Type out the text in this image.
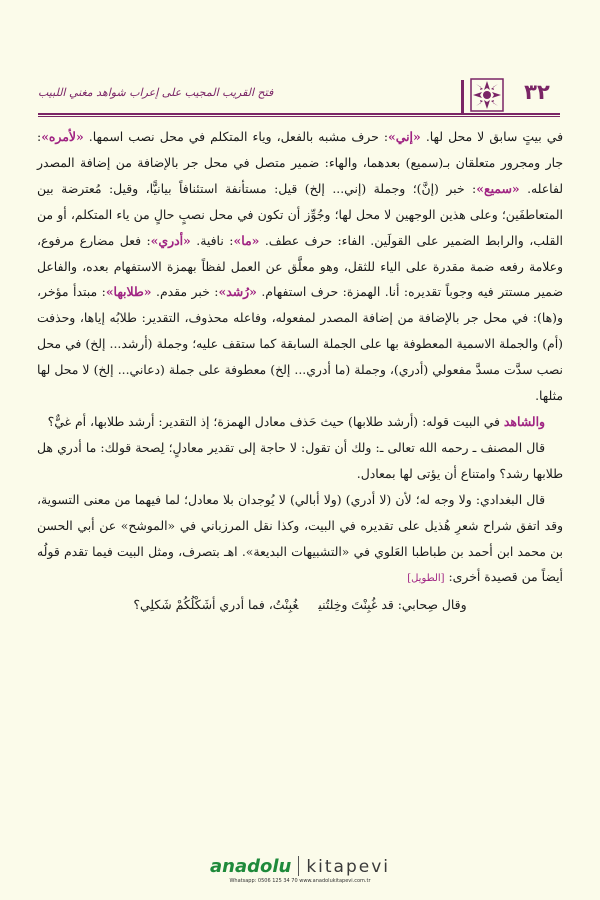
٣٢
فتح القريب المجيب على إعراب شواهد مغني اللبيب

في بيتٍ سابق لا محل لها. «إني»: حرف مشبه بالفعل، وياء المتكلم في محل نصب اسمها. «لأمره»: جار ومجرور متعلقان بـ(سميع) بعدهما، والهاء: ضمير متصل في محل جر بالإضافة من إضافة المصدر لفاعله. «سميع»: خبر (إنَّ)؛ وجملة (إني... إلخ) قيل: مستأنفة استئنافاً بيانيًّا، وقيل: مُعترضة بين المتعاطفَين؛ وعلى هذين الوجهين لا محل لها؛ وجُوِّز أن تكون في محل نصبٍ حالٍ من ياء المتكلم، أو من القلب، والرابط الضمير على القولَين. الفاء: حرف عطف. «ما»: نافية. «أدري»: فعل مضارع مرفوع، وعلامة رفعه ضمة مقدرة على الياء للثقل، وهو معلَّق عن العمل لفظاً بهمزة الاستفهام بعده، والفاعل ضمير مستتر فيه وجوباً تقديره: أنا. الهمزة: حرف استفهام. «رُشد»: خبر مقدم. «طلابها»: مبتدأ مؤخر، و(ها): في محل جر بالإضافة من إضافة المصدر لمفعوله، وفاعله محذوف، التقدير: طلابُه إياها، وحذفت (أم) والجملة الاسمية المعطوفة بها على الجملة السابقة كما ستقف عليه؛ وجملة (أرشد... إلخ) في محل نصب سدَّت مسدَّ مفعولي (أدري)، وجملة (ما أدري... إلخ) معطوفة على جملة (دعاني... إلخ) لا محل لها مثلها.

والشاهد في البيت قوله: (أرشد طلابها) حيث حَذف معادل الهمزة؛ إذ التقدير: أرشد طلابها، أم غيٌّ؟

قال المصنف ـ رحمه الله تعالى ـ: ولك أن تقول: لا حاجة إلى تقدير معادلٍ؛ لِصحة قولك: ما أدري هل طلابها رشد؟ وامتناع أن يؤتى لها بمعادل.

قال البغدادي: ولا وجه له؛ لأن (لا أدري) (ولا أبالي) لا يُوجدان بلا معادل؛ لما فيهما من معنى التسوية، وقد اتفق شراح شعرِ هُذيل على تقديره في البيت، وكذا نقل المرزباني في «الموشح» عن أبي الحسن بن محمد ابن أحمد بن طباطبا العَلوي في «التشبيهات البديعة». اهـ بتصرف، ومثل البيت فيما تقدم قولُه أيضاً من قصيدة أخرى: [الطويل]

وقال صِحابي: قد غُبِنْتَ وخِلتُنيغُبِنْتُ، فما أدري أشَكْلُكُمْ شَكلِي؟

anadolu kitapevi
Whatsapp: 0506 125 34 70 www.anadolukitapevi.com.tr
